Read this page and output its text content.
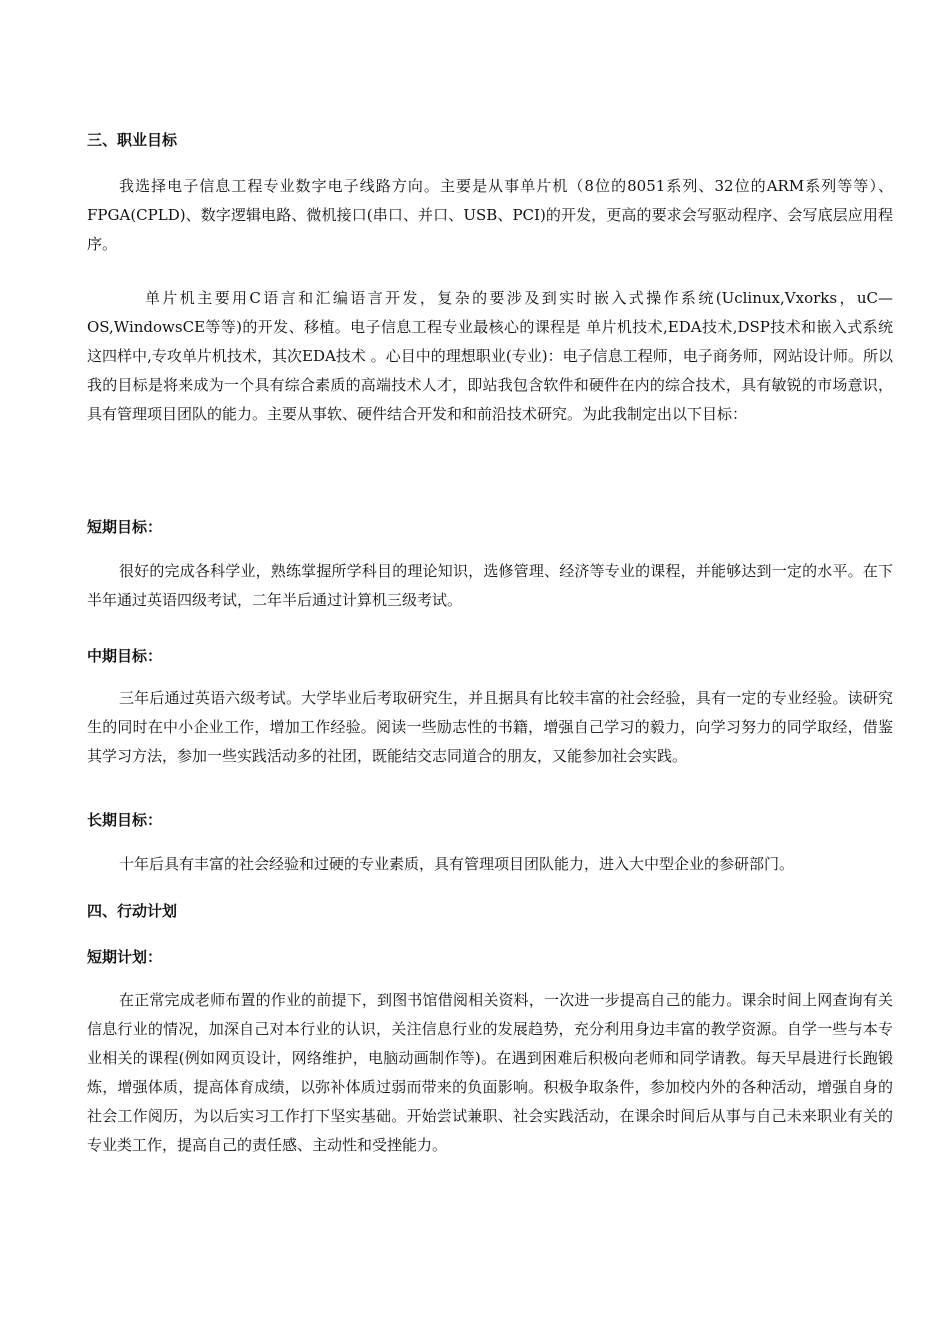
三、职业目标

我选择电子信息工程专业数字电子线路方向。主要是从事单片机（8位的8051系列、32位的ARM系列等等）、FPGA(CPLD)、数字逻辑电路、微机接口(串口、并口、USB、PCI)的开发，更高的要求会写驱动程序、会写底层应用程序。

单片机主要用C语言和汇编语言开发，复杂的要涉及到实时嵌入式操作系统(Uclinux,Vxorks，uC—OS,WindowsCE等等)的开发、移植。电子信息工程专业最核心的课程是 单片机技术,EDA技术,DSP技术和嵌入式系统 这四样中,专攻单片机技术，其次EDA技术 。心目中的理想职业(专业)：电子信息工程师，电子商务师，网站设计师。所以我的目标是将来成为一个具有综合素质的高端技术人才，即站我包含软件和硬件在内的综合技术，具有敏锐的市场意识，具有管理项目团队的能力。主要从事软、硬件结合开发和和前沿技术研究。为此我制定出以下目标：

短期目标：

很好的完成各科学业，熟练掌握所学科目的理论知识，选修管理、经济等专业的课程，并能够达到一定的水平。在下半年通过英语四级考试，二年半后通过计算机三级考试。

中期目标：

三年后通过英语六级考试。大学毕业后考取研究生，并且据具有比较丰富的社会经验，具有一定的专业经验。读研究生的同时在中小企业工作，增加工作经验。阅读一些励志性的书籍，增强自己学习的毅力，向学习努力的同学取经，借鉴其学习方法，参加一些实践活动多的社团，既能结交志同道合的朋友，又能参加社会实践。

长期目标：

十年后具有丰富的社会经验和过硬的专业素质，具有管理项目团队能力，进入大中型企业的参研部门。

四、行动计划
短期计划：

在正常完成老师布置的作业的前提下，到图书馆借阅相关资料，一次进一步提高自己的能力。课余时间上网查询有关信息行业的情况，加深自己对本行业的认识，关注信息行业的发展趋势，充分利用身边丰富的教学资源。自学一些与本专业相关的课程(例如网页设计，网络维护，电脑动画制作等)。在遇到困难后积极向老师和同学请教。每天早晨进行长跑锻炼，增强体质，提高体育成绩，以弥补体质过弱而带来的负面影响。积极争取条件，参加校内外的各种活动，增强自身的社会工作阅历，为以后实习工作打下坚实基础。开始尝试兼职、社会实践活动，在课余时间后从事与自己未来职业有关的专业类工作，提高自己的责任感、主动性和受挫能力。
